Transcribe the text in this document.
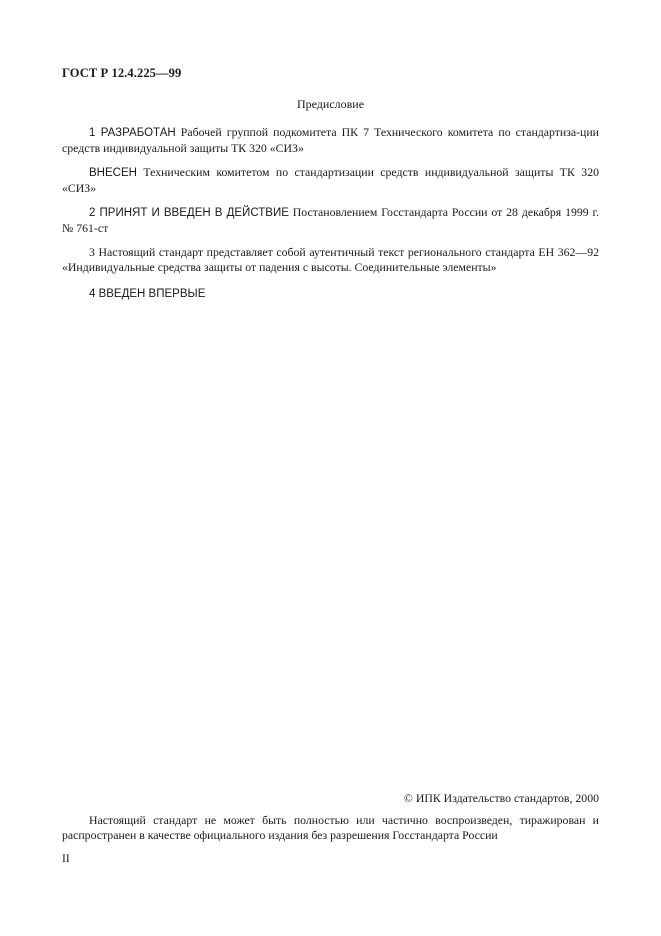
ГОСТ Р 12.4.225—99
Предисловие
1 РАЗРАБОТАН Рабочей группой подкомитета ПК 7 Технического комитета по стандартиза-ции средств индивидуальной защиты ТК 320 «СИЗ»
ВНЕСЕН Техническим комитетом по стандартизации средств индивидуальной защиты ТК 320 «СИЗ»
2 ПРИНЯТ И ВВЕДЕН В ДЕЙСТВИЕ Постановлением Госстандарта России от 28 декабря 1999 г. № 761-ст
3 Настоящий стандарт представляет собой аутентичный текст регионального стандарта ЕН 362—92 «Индивидуальные средства защиты от падения с высоты. Соединительные элементы»
4 ВВЕДЕН ВПЕРВЫЕ
© ИПК Издательство стандартов, 2000
Настоящий стандарт не может быть полностью или частично воспроизведен, тиражирован и распространен в качестве официального издания без разрешения Госстандарта России
II
